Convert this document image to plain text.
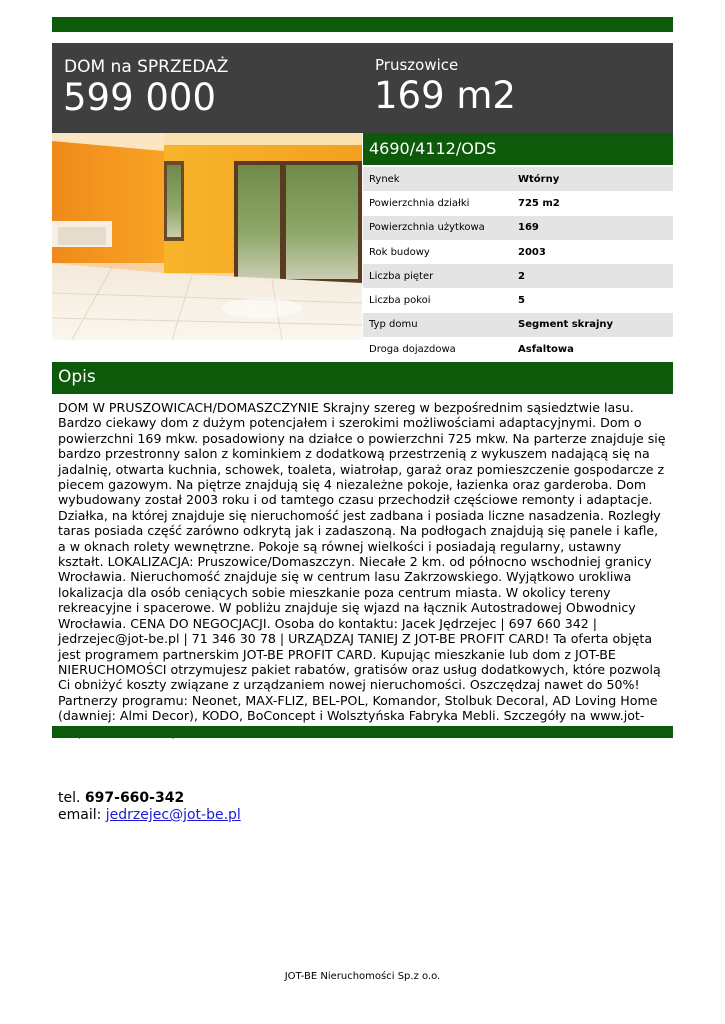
DOM na SPRZEDAŻ
599 000
Pruszowice
169 m2
4690/4112/ODS
Rynek	Wtórny
Powierzchnia działki	725 m2
Powierzchnia użytkowa	169
Rok budowy	2003
Liczba pięter	2
Liczba pokoi	5
Typ domu	Segment skrajny
Droga dojazdowa	Asfaltowa
Opis
DOM W PRUSZOWICACH/DOMASZCZYNIE Skrajny szereg w bezpośrednim sąsiedztwie lasu. Bardzo ciekawy dom z dużym potencjałem i szerokimi możliwościami adaptacyjnymi. Dom o powierzchni 169 mkw. posadowiony na działce o powierzchni 725 mkw. Na parterze znajduje się bardzo przestronny salon z kominkiem z dodatkową przestrzenią z wykuszem nadającą się na jadalnię, otwarta kuchnia, schowek, toaleta, wiatrołap, garaż oraz pomieszczenie gospodarcze z piecem gazowym. Na piętrze znajdują się 4 niezależne pokoje, łazienka oraz garderoba. Dom wybudowany został 2003 roku i od tamtego czasu przechodził częściowe remonty i adaptacje. Działka, na której znajduje się nieruchomość jest zadbana i posiada liczne nasadzenia. Rozległy taras posiada część zarówno odkrytą jak i zadaszoną. Na podłogach znajdują się panele i kafle, a w oknach rolety wewnętrzne. Pokoje są równej wielkości i posiadają regularny, ustawny kształt. LOKALIZACJA: Pruszowice/Domaszczyn. Niecałe 2 km. od północno wschodniej granicy Wrocławia. Nieruchomość znajduje się w centrum lasu Zakrzowskiego. Wyjątkowo urokliwa lokalizacja dla osób ceniących sobie mieszkanie poza centrum miasta. W okolicy tereny rekreacyjne i spacerowe. W pobliżu znajduje się wjazd na łącznik Autostradowej Obwodnicy Wrocławia. CENA DO NEGOCJACJI. Osoba do kontaktu: Jacek Jędrzejec | 697 660 342 | jedrzejec@jot-be.pl | 71 346 30 78 | URZĄDZAJ TANIEJ Z JOT-BE PROFIT CARD! Ta oferta objęta jest programem partnerskim JOT-BE PROFIT CARD. Kupując mieszkanie lub dom z JOT-BE NIERUCHOMOŚCI otrzymujesz pakiet rabatów, gratisów oraz usług dodatkowych, które pozwolą Ci obniżyć koszty związane z urządzaniem nowej nieruchomości. Oszczędzaj nawet do 50%! Partnerzy programu: Neonet, MAX-FLIZ, BEL-POL, Komandor, Stolbuk Decoral, AD Loving Home (dawniej: Almi Decor), KODO, BoConcept i Wolsztyńska Fabryka Mebli. Szczegóły na www.jot-
tel. 697-660-342
email: jedrzejec@jot-be.pl
JOT-BE Nieruchomości Sp.z o.o.
